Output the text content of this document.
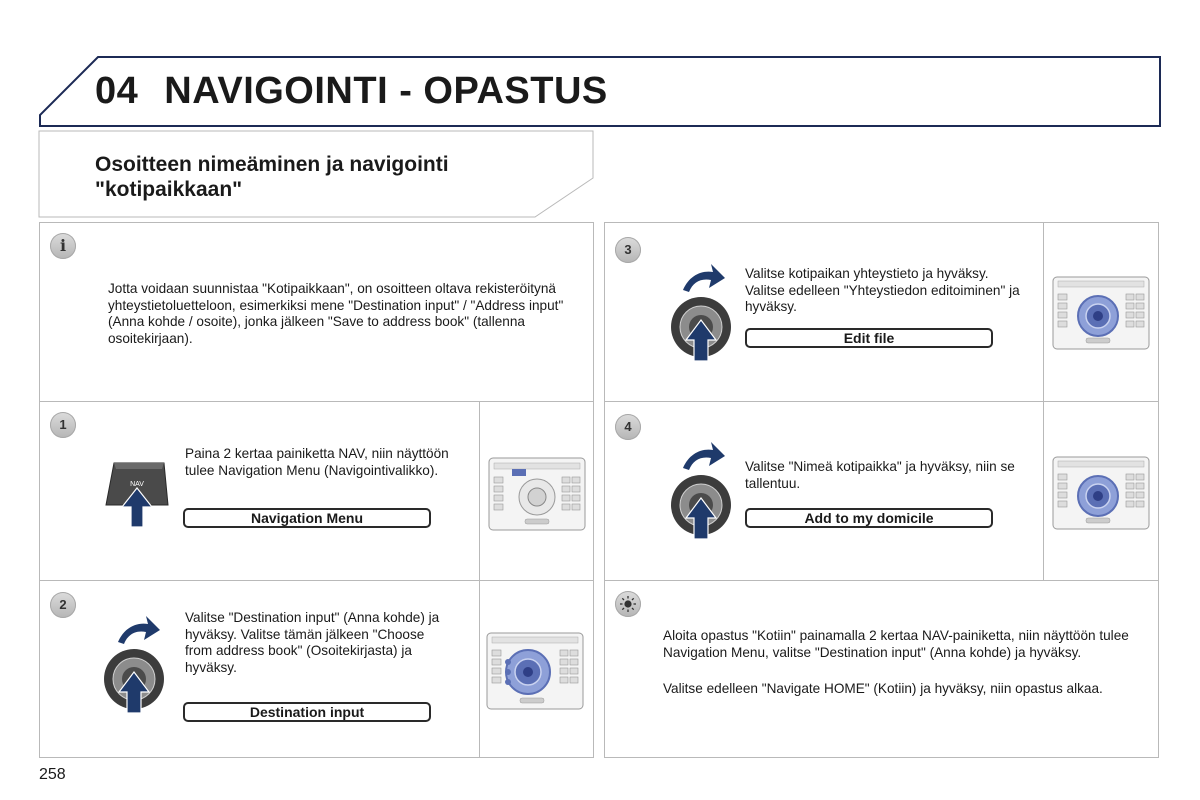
04 NAVIGOINTI - OPASTUS
Osoitteen nimeäminen ja navigointi "kotipaikkaan"
i
Jotta voidaan suunnistaa "Kotipaikkaan", on osoitteen oltava rekisteröitynä yhteystietoluetteloon, esimerkiksi mene "Destination input" / "Address input" (Anna kohde / osoite), jonka jälkeen "Save to address book" (tallenna osoitekirjaan).
1
Paina 2 kertaa painiketta NAV, niin näyttöön tulee Navigation Menu (Navigointivalikko).
Navigation Menu
2
Valitse "Destination input" (Anna kohde) ja hyväksy. Valitse tämän jälkeen "Choose from address book" (Osoitekirjasta) ja hyväksy.
Destination input
3
Valitse kotipaikan yhteystieto ja hyväksy. Valitse edelleen "Yhteystiedon editoiminen" ja hyväksy.
Edit file
4
Valitse "Nimeä kotipaikka" ja hyväksy, niin se tallentuu.
Add to my domicile
Aloita opastus "Kotiin" painamalla 2 kertaa NAV-painiketta, niin näyttöön tulee Navigation Menu, valitse "Destination input" (Anna kohde) ja hyväksy.
Valitse edelleen "Navigate HOME" (Kotiin) ja hyväksy, niin opastus alkaa.
NAV
258
